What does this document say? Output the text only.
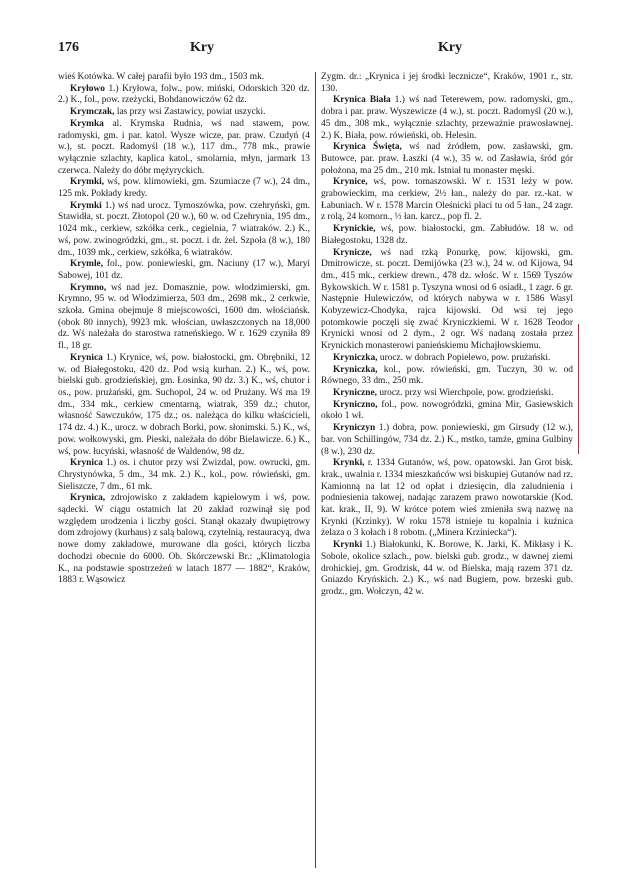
176	Kry	Kry

wieś Kotówka. W całej parafii było 193 dm., 1503 mk.

Kryłowo 1.) Kryłowa, folw., pow. miński, Odorskich 320 dz. 2.) K., fol., pow. rzeżycki, Bohdanowiczów 62 dz.

Krymczak, las przy wsi Zastawicy, powiat uszycki.

Krymka al. Krymska Rudnia, wś nad stawem, pow. radomyski, gm. i par. katol. Wysze wicze, par. praw. Czudyń (4 w.), st. poczt. Radomyśl (18 w.), 117 dm., 778 mk., prawie wyłącznie szlachty, kaplica katol., smolarnia, młyn, jarmark 13 czerwca. Należy do dóbr mężyryckich.

Krymki, wś, pow. klimowieki, gm. Szumiacze (7 w.), 24 dm., 125 mk. Pokłady kredy.

Krymki 1.) wś nad urocz. Tymoszówka, pow. czehryński, gm. Stawidła, st. poczt. Złotopol (20 w.), 60 w. od Czehrynia, 195 dm., 1024 mk., cerkiew, szkółka cerk., cegielnia, 7 wiatraków. 2.) K., wś, pow. zwinogródzki, gm., st. poczt. i dr. żel. Szpoła (8 w.), 180 dm., 1039 mk., cerkiew, szkółka, 6 wiatraków.

Krymle, fol., pow. poniewieski, gm. Naciuny (17 w.), Maryi Sabowej, 101 dz.

Krymno, wś nad jez. Domasznie, pow. włodzimierski, gm. Krymno, 95 w. od Włodzimierza, 503 dm., 2698 mk., 2 cerkwie, szkoła. Gmina obejmuje 8 miejscowości, 1600 dm. włościańsk. (obok 80 innych), 9923 mk. włościan, uwłaszczonych na 18,000 dz. Wś należała do starostwa ratneńskiego. W r. 1629 czyniła 89 fl., 18 gr.

Krynica 1.) Krynice, wś, pow. białostocki, gm. Obrębniki, 12 w. od Białegostoku, 420 dz. Pod wsią kurhan. 2.) K., wś, pow. bielski gub. grodzieńskiej, gm. Łosinka, 90 dz. 3.) K., wś, chutor i os., pow. prużański, gm. Suchopol, 24 w. od Prużany. Wś ma 19 dm., 334 mk., cerkiew cmentarną, wiatrak, 359 dz.; chutor, własność Sawczuków, 175 dz.; os. należąca do kilku właścicieli, 174 dz. 4.) K., urocz. w dobrach Borki, pow. słonimski. 5.) K., wś, pow. wołkowyski, gm. Pieski, należała do dóbr Bielawicze. 6.) K., wś, pow. łucyński, własność de Waldenów, 98 dz.

Krynica 1.) os. i chutor przy wsi Zwizdal, pow. owrucki, gm. Chrystynówka, 5 dm., 34 mk. 2.) K., kol., pow. rówieński, gm. Sieliszcze, 7 dm., 61 mk.

Krynica, zdrojowisko z zakładem kąpielowym i wś, pow. sądecki. W ciągu ostatnich lat 20 zakład rozwinął się pod względem urodzenia i liczby gości. Stanął okazały dwupiętrowy dom zdrojowy (kurhaus) z salą balową, czytelnią, restauracyą, dwa nowe domy zakładowe, murowane dla gości, których liczba dochodzi obecnie do 6000. Ob. Skórczewski Br.: „Klimatologia K., na podstawie spostrzeżeń w latach 1877 — 1882“, Kraków, 1883 r. Wąsowicz

Zygm. dr.: „Krynica i jej środki lecznicze“, Kraków, 1901 r., str. 130.

Krynica Biała 1.) wś nad Teterewem, pow. radomyski, gm., dobra i par. praw. Wyszewicze (4 w.), st. poczt. Radomyśl (20 w.), 45 dm., 308 mk., wyłącznie szlachty, przeważnie prawosławnej. 2.) K. Biała, pow. rówieński, ob. Helesin.

Krynica Święta, wś nad źródłem, pow. zasławski, gm. Butowce, par. praw. Łaszki (4 w.), 35 w. od Zasławia, śród gór położona, ma 25 dm., 210 mk. Istniał tu monaster męski.

Krynice, wś, pow. tomaszowski. W r. 1531 leży w pow. grabowieckim, ma cerkiew, 2½ łan., należy do par. rz.-kat. w Łabuniach. W r. 1578 Marcin Oleśnicki płaci tu od 5 łan., 24 zagr. z rolą, 24 komorn., ⅓ łan. karcz., pop fl. 2.

Krynickie, wś, pow. białostocki, gm. Zabłudów. 18 w. od Białegostoku, 1328 dz.

Krynicze, wś nad rzką Ponurkę, pow. kijowski, gm. Dmitrowicze, st. poczt. Demijówka (23 w.), 24 w. od Kijowa, 94 dm., 415 mk., cerkiew drewn., 478 dz. włośc. W r. 1569 Tyszów Bykowskich. W r. 1581 p. Tyszyna wnosi od 6 osiadł., 1 zagr. 6 gr. Następnie Hulewiczów, od których nabywa w r. 1586 Wasyl Kobyzewicz-Chodyka, rajca kijowski. Od wsi tej jego potomkowie poczęli się zwać Kryniczkiemi. W r. 1628 Teodor Krynicki wnosi od 2 dym., 2 ogr. Wś nadaną została przez Krynickich monasterowi panieńskiemu Michajłowskiemu.

Kryniczka, urocz. w dobrach Popielewo, pow. prużański.

Kryniczka, kol., pow. rówieński, gm. Tuczyn, 30 w. od Równego, 33 dm., 250 mk.

Kryniczne, urocz. przy wsi Wierchpole, pow. grodzieński.

Kryniczno, fol., pow. nowogródzki, gmina Mir, Gasiewskich około 1 wł.

Kryniczyn 1.) dobra, pow. poniewieski, gm Girsudy (12 w.), bar. von Schillingów, 734 dz. 2.) K., mstko, tamże, gmina Gulbiny (8 w.), 230 dz.

Krynki, r. 1334 Gutanów, wś, pow. opatowski. Jan Grot bisk. krak., uwalnia r. 1334 mieszkańców wsi biskupiej Gutanów nad rz. Kamionną na lat 12 od opłat i dziesięcin, dla zaludnienia i podniesienia takowej, nadając zarazem prawo nowotarskie (Kod. kat. krak., II, 9). W krótce potem wieś zmieniła swą nazwę na Krynki (Krzinky). W roku 1578 istnieje tu kopalnia i kuźnica żelaza o 3 kołach i 8 robotn. („Minera Krzinieckа“).

Krynki 1.) Białokunki, K. Borowe, K. Jarki, K. Mikłasy i K. Sobole, okolice szlach., pow. bielski gub. grodz., w dawnej ziemi drohickiej, gm. Grodzisk, 44 w. od Bielska, mają razem 371 dz. Gniazdo Kryńskich. 2.) K., wś nad Bugiem, pow. brzeski gub. grodz., gm. Wołczyn, 42 w.
